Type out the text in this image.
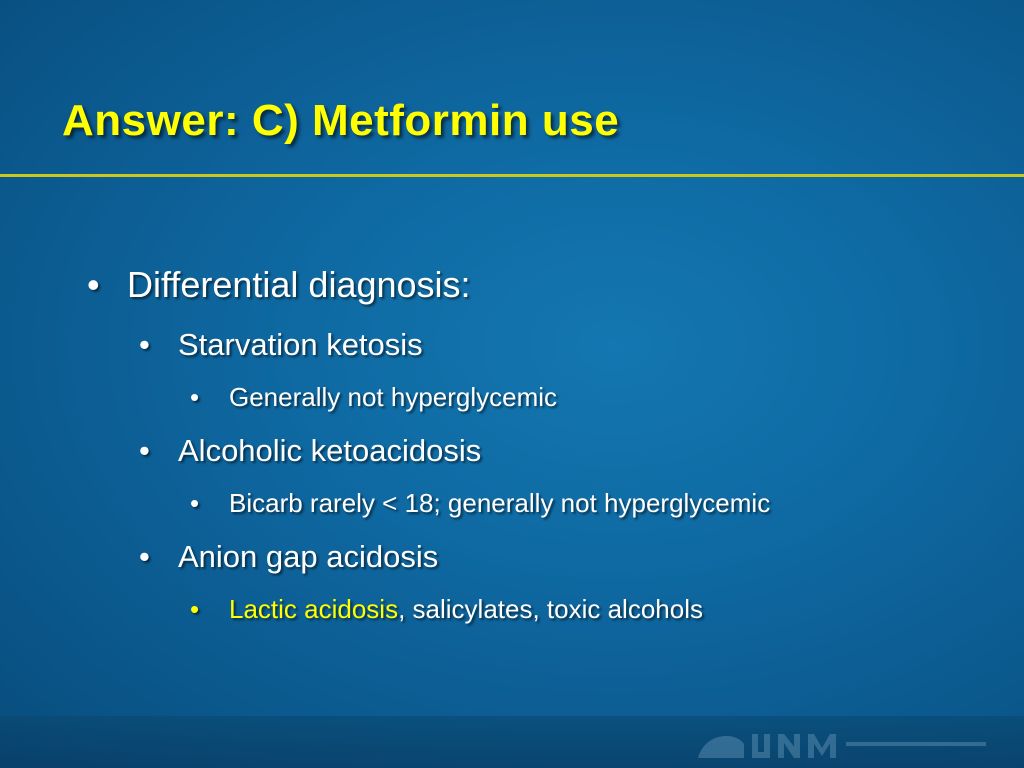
Answer: C) Metformin use
• Differential diagnosis:
• Starvation ketosis
• Generally not hyperglycemic
• Alcoholic ketoacidosis
• Bicarb rarely < 18; generally not hyperglycemic
• Anion gap acidosis
• Lactic acidosis, salicylates, toxic alcohols
